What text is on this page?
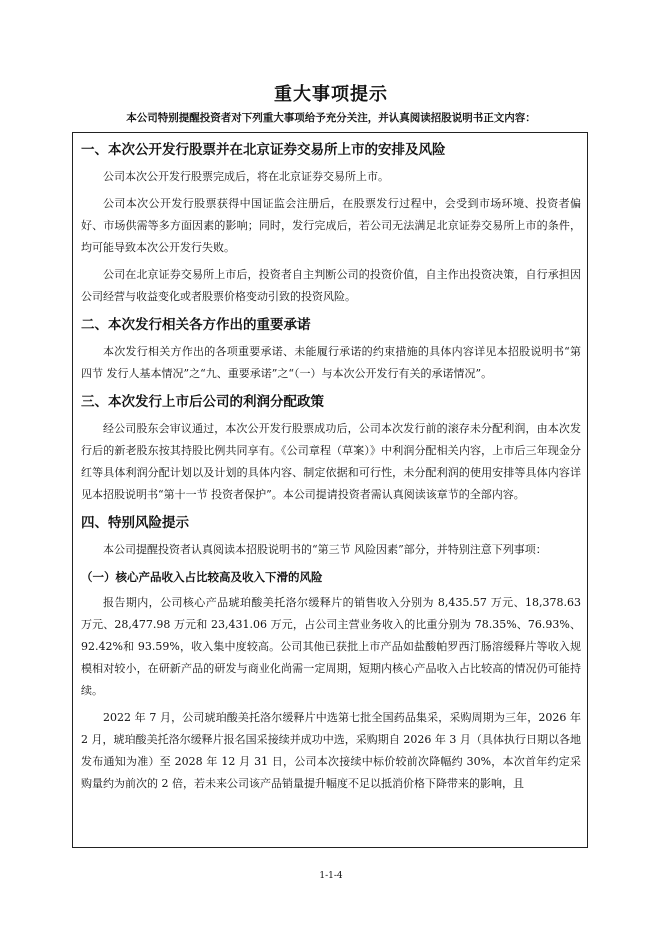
重大事项提示
本公司特别提醒投资者对下列重大事项给予充分关注，并认真阅读招股说明书正文内容：
一、本次公开发行股票并在北京证券交易所上市的安排及风险

公司本次公开发行股票完成后，将在北京证券交易所上市。

公司本次公开发行股票获得中国证监会注册后，在股票发行过程中，会受到市场环境、投资者偏好、市场供需等多方面因素的影响；同时，发行完成后，若公司无法满足北京证券交易所上市的条件，均可能导致本次公开发行失败。

公司在北京证券交易所上市后，投资者自主判断公司的投资价值，自主作出投资决策，自行承担因公司经营与收益变化或者股票价格变动引致的投资风险。

二、本次发行相关各方作出的重要承诺

本次发行相关方作出的各项重要承诺、未能履行承诺的约束措施的具体内容详见本招股说明书“第四节 发行人基本情况”之“九、重要承诺”之“（一）与本次公开发行有关的承诺情况”。

三、本次发行上市后公司的利润分配政策

经公司股东会审议通过，本次公开发行股票成功后，公司本次发行前的滚存未分配利润，由本次发行后的新老股东按其持股比例共同享有。《公司章程（草案）》中利润分配相关内容，上市后三年现金分红等具体利润分配计划以及计划的具体内容、制定依据和可行性，未分配利润的使用安排等具体内容详见本招股说明书“第十一节 投资者保护”。本公司提请投资者需认真阅读该章节的全部内容。

四、特别风险提示

本公司提醒投资者认真阅读本招股说明书的“第三节 风险因素”部分，并特别注意下列事项：

（一）核心产品收入占比较高及收入下滑的风险

报告期内，公司核心产品琥珀酸美托洛尔缓释片的销售收入分别为 8,435.57 万元、18,378.63 万元、28,477.98 万元和 23,431.06 万元，占公司主营业务收入的比重分别为 78.35%、76.93%、92.42%和 93.59%，收入集中度较高。公司其他已获批上市产品如盐酸帕罗西汀肠溶缓释片等收入规模相对较小，在研新产品的研发与商业化尚需一定周期，短期内核心产品收入占比较高的情况仍可能持续。

2022 年 7 月，公司琥珀酸美托洛尔缓释片中选第七批全国药品集采，采购周期为三年，2026 年 2 月，琥珀酸美托洛尔缓释片报名国采接续并成功中选，采购期自 2026 年 3 月（具体执行日期以各地发布通知为准）至 2028 年 12 月 31 日，公司本次接续中标价较前次降幅约 30%，本次首年约定采购量约为前次的 2 倍，若未来公司该产品销量提升幅度不足以抵消价格下降带来的影响，且

1-1-4
